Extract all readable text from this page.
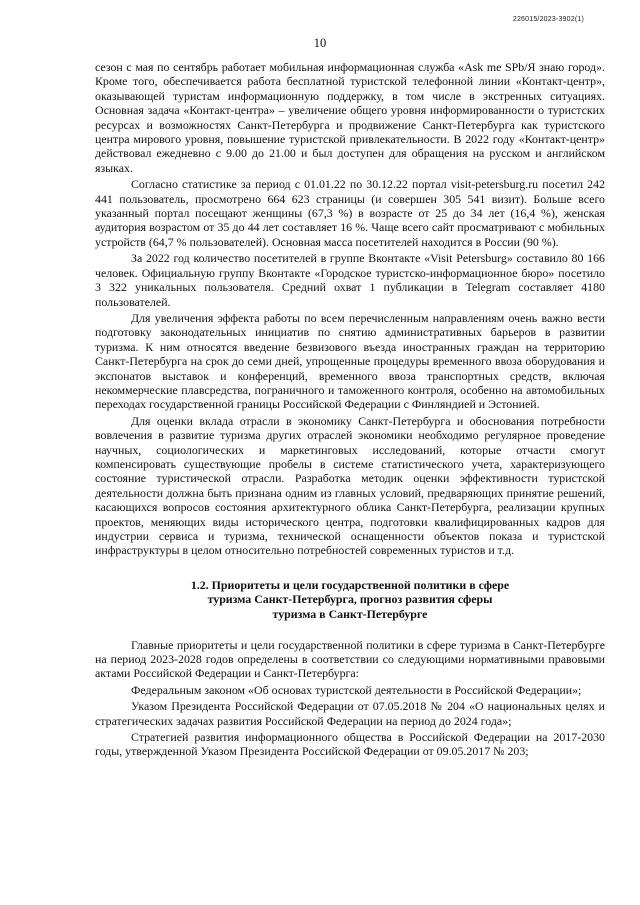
226015/2023-3902(1)
10

сезон с мая по сентябрь работает мобильная информационная служба «Ask me SPb/Я знаю город». Кроме того, обеспечивается работа бесплатной туристской телефонной линии «Контакт-центр», оказывающей туристам информационную поддержку, в том числе в экстренных ситуациях. Основная задача «Контакт-центра» – увеличение общего уровня информированности о туристских ресурсах и возможностях Санкт-Петербурга и продвижение Санкт-Петербурга как туристского центра мирового уровня, повышение туристской привлекательности. В 2022 году «Контакт-центр» действовал ежедневно с 9.00 до 21.00 и был доступен для обращения на русском и английском языках.

Согласно статистике за период с 01.01.22 по 30.12.22 портал visit-petersburg.ru посетил 242 441 пользователь, просмотрено 664 623 страницы (и совершен 305 541 визит). Больше всего указанный портал посещают женщины (67,3 %) в возрасте от 25 до 34 лет (16,4 %), женская аудитория возрастом от 35 до 44 лет составляет 16 %. Чаще всего сайт просматривают с мобильных устройств (64,7 % пользователей). Основная масса посетителей находится в России (90 %).

За 2022 год количество посетителей в группе Вконтакте «Visit Petersburg» составило 80 166 человек. Официальную группу Вконтакте «Городское туристско-информационное бюро» посетило 3 322 уникальных пользователя. Средний охват 1 публикации в Telegram составляет 4180 пользователей.

Для увеличения эффекта работы по всем перечисленным направлениям очень важно вести подготовку законодательных инициатив по снятию административных барьеров в развитии туризма. К ним относятся введение безвизового въезда иностранных граждан на территорию Санкт-Петербурга на срок до семи дней, упрощенные процедуры временного ввоза оборудования и экспонатов выставок и конференций, временного ввоза транспортных средств, включая некоммерческие плавсредства, пограничного и таможенного контроля, особенно на автомобильных переходах государственной границы Российской Федерации с Финляндией и Эстонией.

Для оценки вклада отрасли в экономику Санкт-Петербурга и обоснования потребности вовлечения в развитие туризма других отраслей экономики необходимо регулярное проведение научных, социологических и маркетинговых исследований, которые отчасти смогут компенсировать существующие пробелы в системе статистического учета, характеризующего состояние туристической отрасли. Разработка методик оценки эффективности туристской деятельности должна быть признана одним из главных условий, предваряющих принятие решений, касающихся вопросов состояния архитектурного облика Санкт-Петербурга, реализации крупных проектов, меняющих виды исторического центра, подготовки квалифицированных кадров для индустрии сервиса и туризма, технической оснащенности объектов показа и туристской инфраструктуры в целом относительно потребностей современных туристов и т.д.

1.2. Приоритеты и цели государственной политики в сфере
туризма Санкт-Петербурга, прогноз развития сферы
туризма в Санкт-Петербурге

Главные приоритеты и цели государственной политики в сфере туризма в Санкт-Петербурге на период 2023-2028 годов определены в соответствии со следующими нормативными правовыми актами Российской Федерации и Санкт-Петербурга:

Федеральным законом «Об основах туристской деятельности в Российской Федерации»;

Указом Президента Российской Федерации от 07.05.2018 № 204 «О национальных целях и стратегических задачах развития Российской Федерации на период до 2024 года»;

Стратегией развития информационного общества в Российской Федерации на 2017-2030 годы, утвержденной Указом Президента Российской Федерации от 09.05.2017 № 203;
